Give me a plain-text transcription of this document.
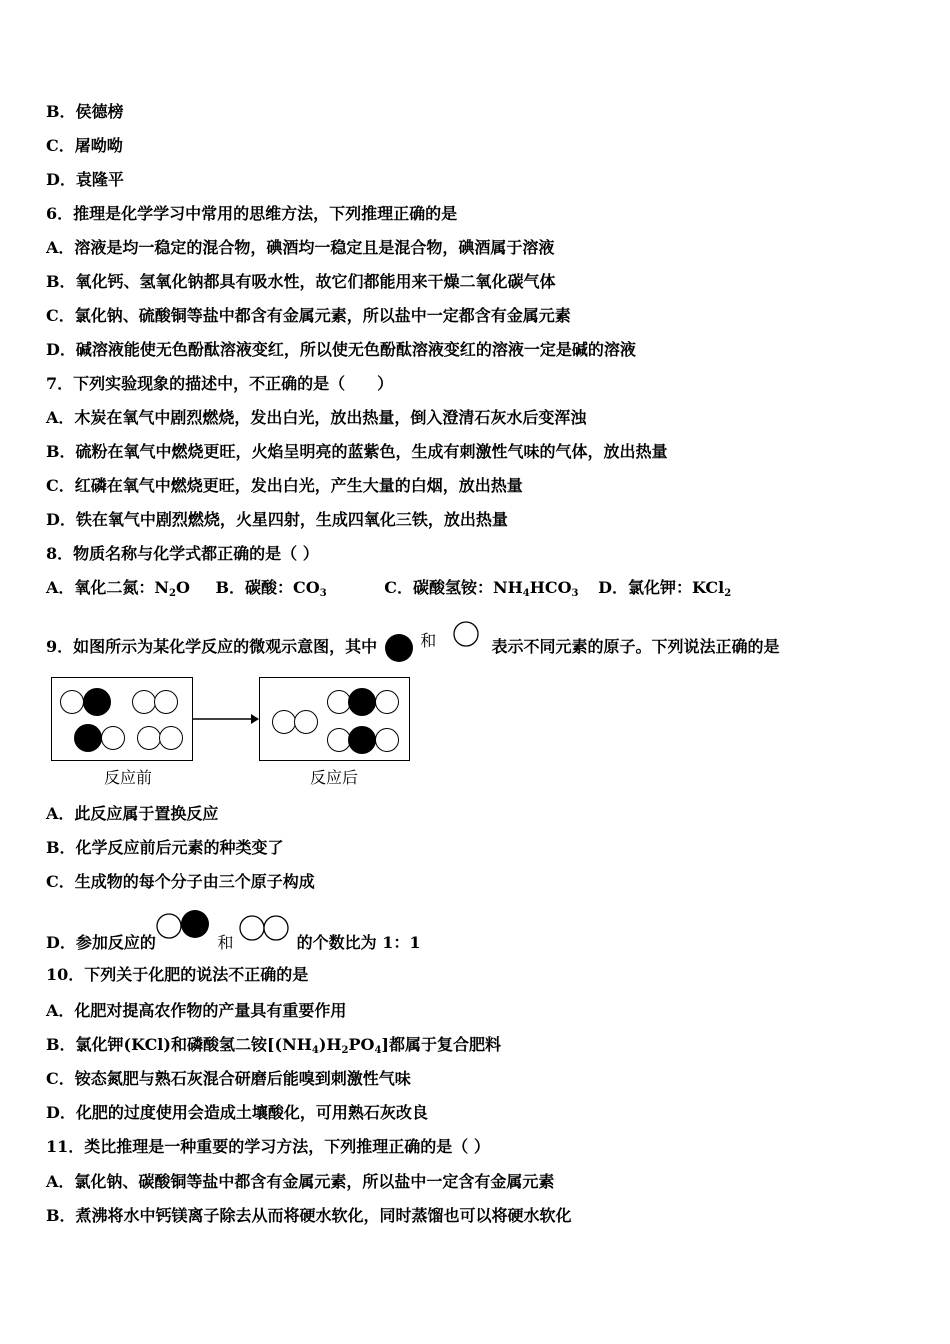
B．侯德榜
C．屠呦呦
D．袁隆平
6．推理是化学学习中常用的思维方法，下列推理正确的是
A．溶液是均一稳定的混合物，碘酒均一稳定且是混合物，碘酒属于溶液
B．氧化钙、氢氧化钠都具有吸水性，故它们都能用来干燥二氧化碳气体
C．氯化钠、硫酸铜等盐中都含有金属元素，所以盐中一定都含有金属元素
D．碱溶液能使无色酚酞溶液变红，所以使无色酚酞溶液变红的溶液一定是碱的溶液
7．下列实验现象的描述中，不正确的是（　　）
A．木炭在氧气中剧烈燃烧，发出白光，放出热量，倒入澄清石灰水后变浑浊
B．硫粉在氧气中燃烧更旺，火焰呈明亮的蓝紫色，生成有刺激性气味的气体，放出热量
C．红磷在氧气中燃烧更旺，发出白光，产生大量的白烟，放出热量
D．铁在氧气中剧烈燃烧，火星四射，生成四氧化三铁，放出热量
8．物质名称与化学式都正确的是（ ）
A．氧化二氮：$N_2O$ B．碳酸：$CO_3$	C．碳酸氢铵：$NH_4HCO_3$ D．氯化钾：KCl$_2$
9．如图所示为某化学反应的微观示意图，其中	和	表示不同元素的原子。下列说法正确的是
反应前	反应后
A．此反应属于置换反应
B．化学反应前后元素的种类变了
C．生成物的每个分子由三个原子构成
D．参加反应的	和	的个数比为 1：1
10．下列关于化肥的说法不正确的是
A．化肥对提高农作物的产量具有重要作用
B．氯化钾(KCl)和磷酸氢二铵$[(NH_4)H_2PO_4]$都属于复合肥料
C．铵态氮肥与熟石灰混合研磨后能嗅到刺激性气味
D．化肥的过度使用会造成土壤酸化，可用熟石灰改良
11．类比推理是一种重要的学习方法，下列推理正确的是（ ）
A．氯化钠、碳酸铜等盐中都含有金属元素，所以盐中一定含有金属元素
B．煮沸将水中钙镁离子除去从而将硬水软化，同时蒸馏也可以将硬水软化
